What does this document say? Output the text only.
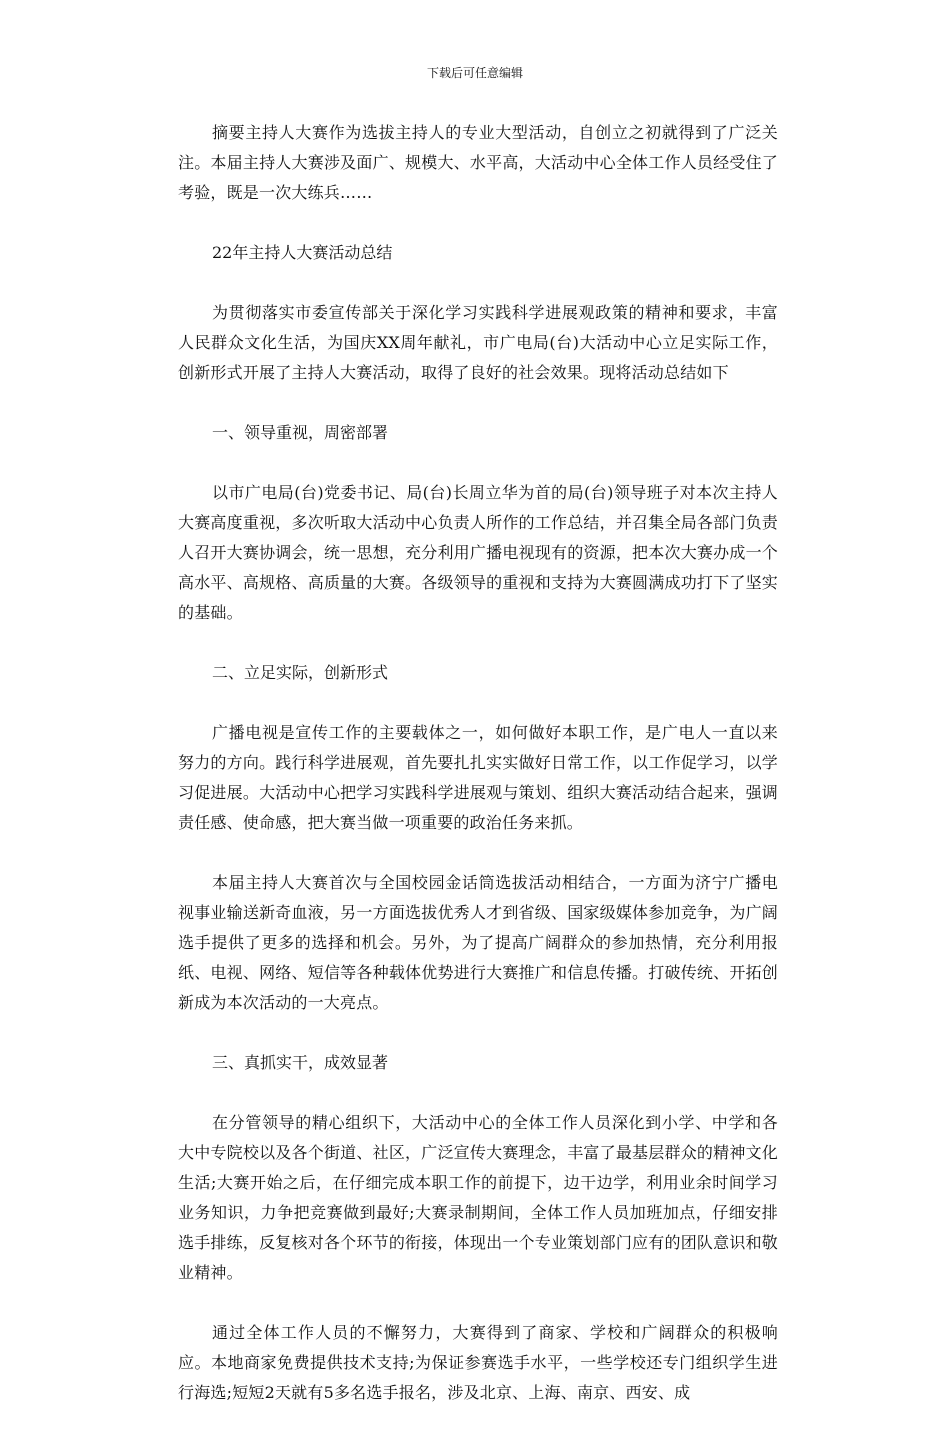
下载后可任意编辑

摘要主持人大赛作为选拔主持人的专业大型活动，自创立之初就得到了广泛关注。本届主持人大赛涉及面广、规模大、水平高，大活动中心全体工作人员经受住了考验，既是一次大练兵……

22年主持人大赛活动总结

为贯彻落实市委宣传部关于深化学习实践科学进展观政策的精神和要求，丰富人民群众文化生活，为国庆XX周年献礼，市广电局(台)大活动中心立足实际工作，创新形式开展了主持人大赛活动，取得了良好的社会效果。现将活动总结如下

一、领导重视，周密部署

以市广电局(台)党委书记、局(台)长周立华为首的局(台)领导班子对本次主持人大赛高度重视，多次听取大活动中心负责人所作的工作总结，并召集全局各部门负责人召开大赛协调会，统一思想，充分利用广播电视现有的资源，把本次大赛办成一个高水平、高规格、高质量的大赛。各级领导的重视和支持为大赛圆满成功打下了坚实的基础。

二、立足实际，创新形式

广播电视是宣传工作的主要载体之一，如何做好本职工作，是广电人一直以来努力的方向。践行科学进展观，首先要扎扎实实做好日常工作，以工作促学习，以学习促进展。大活动中心把学习实践科学进展观与策划、组织大赛活动结合起来，强调责任感、使命感，把大赛当做一项重要的政治任务来抓。

本届主持人大赛首次与全国校园金话筒选拔活动相结合，一方面为济宁广播电视事业输送新奇血液，另一方面选拔优秀人才到省级、国家级媒体参加竞争，为广阔选手提供了更多的选择和机会。另外，为了提高广阔群众的参加热情，充分利用报纸、电视、网络、短信等各种载体优势进行大赛推广和信息传播。打破传统、开拓创新成为本次活动的一大亮点。

三、真抓实干，成效显著

在分管领导的精心组织下，大活动中心的全体工作人员深化到小学、中学和各大中专院校以及各个街道、社区，广泛宣传大赛理念，丰富了最基层群众的精神文化生活;大赛开始之后，在仔细完成本职工作的前提下，边干边学，利用业余时间学习业务知识，力争把竞赛做到最好;大赛录制期间，全体工作人员加班加点，仔细安排选手排练，反复核对各个环节的衔接，体现出一个专业策划部门应有的团队意识和敬业精神。

通过全体工作人员的不懈努力，大赛得到了商家、学校和广阔群众的积极响应。本地商家免费提供技术支持;为保证参赛选手水平，一些学校还专门组织学生进行海选;短短2天就有5多名选手报名，涉及北京、上海、南京、西安、成
